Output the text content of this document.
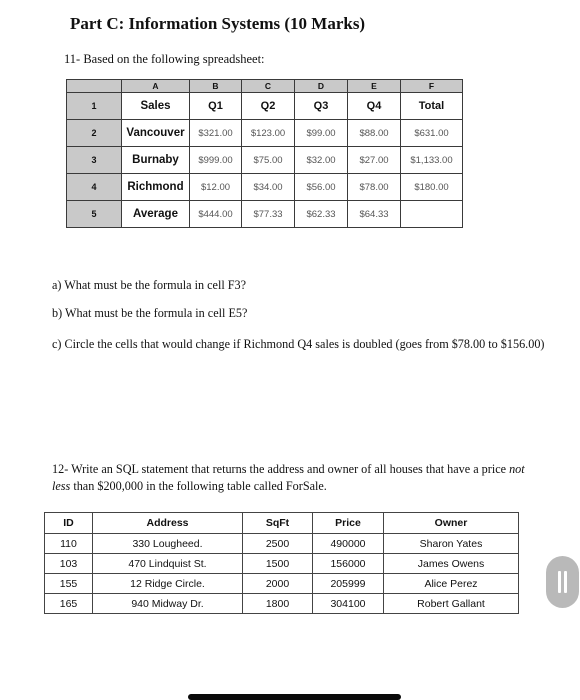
Part C: Information Systems (10 Marks)
11- Based on the following spreadsheet:
	A	B	C	D	E	F
1	Sales	Q1	Q2	Q3	Q4	Total
2	Vancouver	$321.00	$123.00	$99.00	$88.00	$631.00
3	Burnaby	$999.00	$75.00	$32.00	$27.00	$1,133.00
4	Richmond	$12.00	$34.00	$56.00	$78.00	$180.00
5	Average	$444.00	$77.33	$62.33	$64.33	
a) What must be the formula in cell F3?
b) What must be the formula in cell E5?
c) Circle the cells that would change if Richmond Q4 sales is doubled (goes from $78.00 to $156.00)
12- Write an SQL statement that returns the address and owner of all houses that have a price not less than $200,000 in the following table called ForSale.
ID	Address	SqFt	Price	Owner
110	330 Lougheed.	2500	490000	Sharon Yates
103	470 Lindquist St.	1500	156000	James Owens
155	12 Ridge Circle.	2000	205999	Alice Perez
165	940 Midway Dr.	1800	304100	Robert Gallant
